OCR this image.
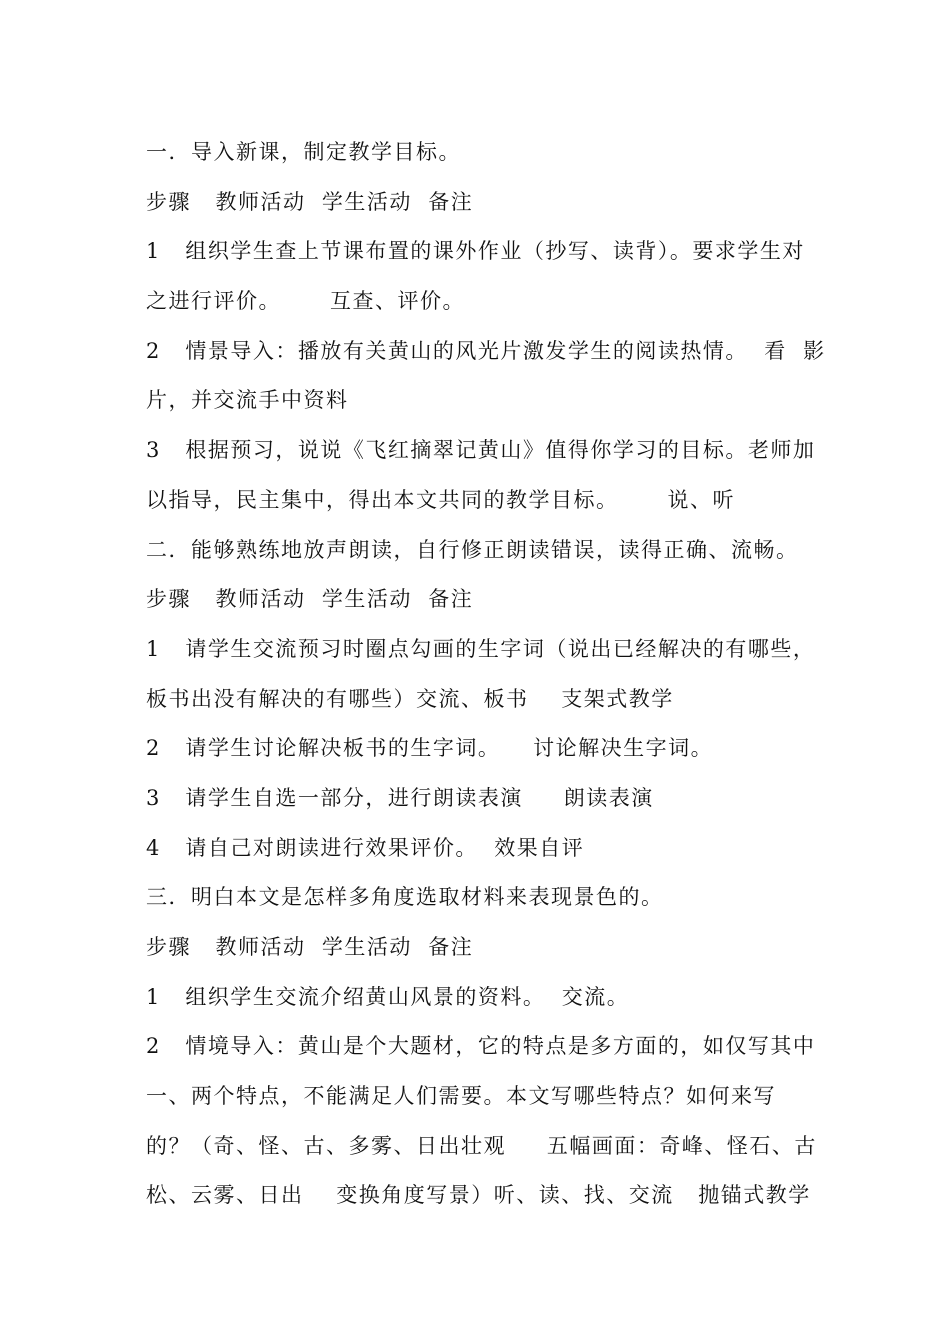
一．导入新课，制定教学目标。
步骤   教师活动  学生活动  备注
1   组织学生查上节课布置的课外作业（抄写、读背）。要求学生对
之进行评价。      互查、评价。
2   情景导入：播放有关黄山的风光片激发学生的阅读热情。  看  影
片，并交流手中资料
3   根据预习，说说《飞红摘翠记黄山》值得你学习的目标。老师加
以指导，民主集中，得出本文共同的教学目标。      说、听
二．能够熟练地放声朗读，自行修正朗读错误，读得正确、流畅。
步骤   教师活动  学生活动  备注
1   请学生交流预习时圈点勾画的生字词（说出已经解决的有哪些，
板书出没有解决的有哪些）交流、板书    支架式教学
2   请学生讨论解决板书的生字词。    讨论解决生字词。
3   请学生自选一部分，进行朗读表演     朗读表演
4   请自己对朗读进行效果评价。  效果自评
三．明白本文是怎样多角度选取材料来表现景色的。
步骤   教师活动  学生活动  备注
1   组织学生交流介绍黄山风景的资料。  交流。
2   情境导入：黄山是个大题材，它的特点是多方面的，如仅写其中
一、两个特点，不能满足人们需要。本文写哪些特点？如何来写
的？（奇、怪、古、多雾、日出壮观     五幅画面：奇峰、怪石、古
松、云雾、日出    变换角度写景）听、读、找、交流   抛锚式教学
